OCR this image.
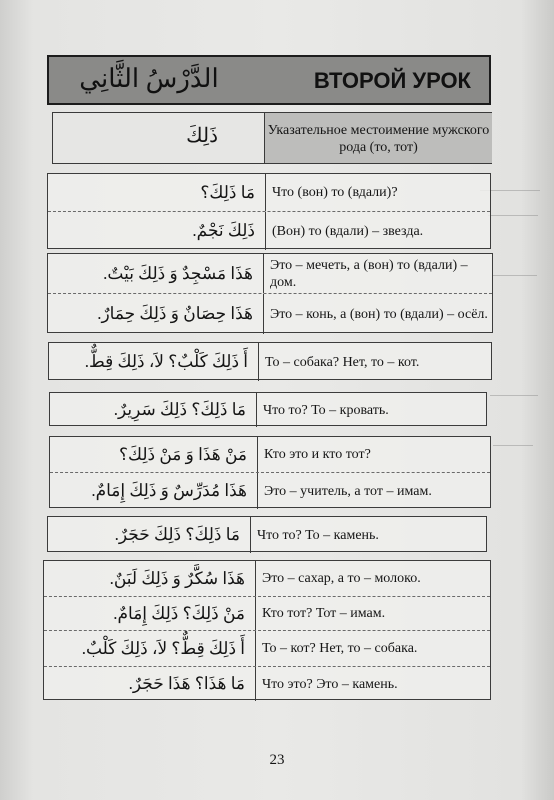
الدَّرْسُ الثَّانِي	ВТОРОЙ УРОК
ذَلِكَ	Указательное местоимение мужского рода (то, тот)
مَا ذَلِكَ؟	Что (вон) то (вдали)?
ذَلِكَ نَجْمٌ.	(Вон) то (вдали) – звезда.
هَذَا مَسْجِدٌ وَ ذَلِكَ بَيْتٌ.	Это – мечеть, а (вон) то (вдали) – дом.
هَذَا حِصَانٌ وَ ذَلِكَ حِمَارٌ.	Это – конь, а (вон) то (вдали) – осёл.
أَ ذَلِكَ كَلْبٌ؟ لاَ، ذَلِكَ قِطٌّ.	То – собака? Нет, то – кот.
مَا ذَلِكَ؟ ذَلِكَ سَرِيرٌ.	Что то? То – кровать.
مَنْ هَذَا وَ مَنْ ذَلِكَ؟	Кто это и кто тот?
هَذَا مُدَرِّسٌ وَ ذَلِكَ إِمَامٌ.	Это – учитель, а тот – имам.
مَا ذَلِكَ؟ ذَلِكَ حَجَرٌ.	Что то? То – камень.
هَذَا سُكَّرٌ وَ ذَلِكَ لَبَنٌ.	Это – сахар, а то – молоко.
مَنْ ذَلِكَ؟ ذَلِكَ إِمَامٌ.	Кто тот? Тот – имам.
أَ ذَلِكَ قِطٌّ؟ لاَ، ذَلِكَ كَلْبٌ.	То – кот? Нет, то – собака.
مَا هَذَا؟ هَذَا حَجَرٌ.	Что это? Это – камень.
23
